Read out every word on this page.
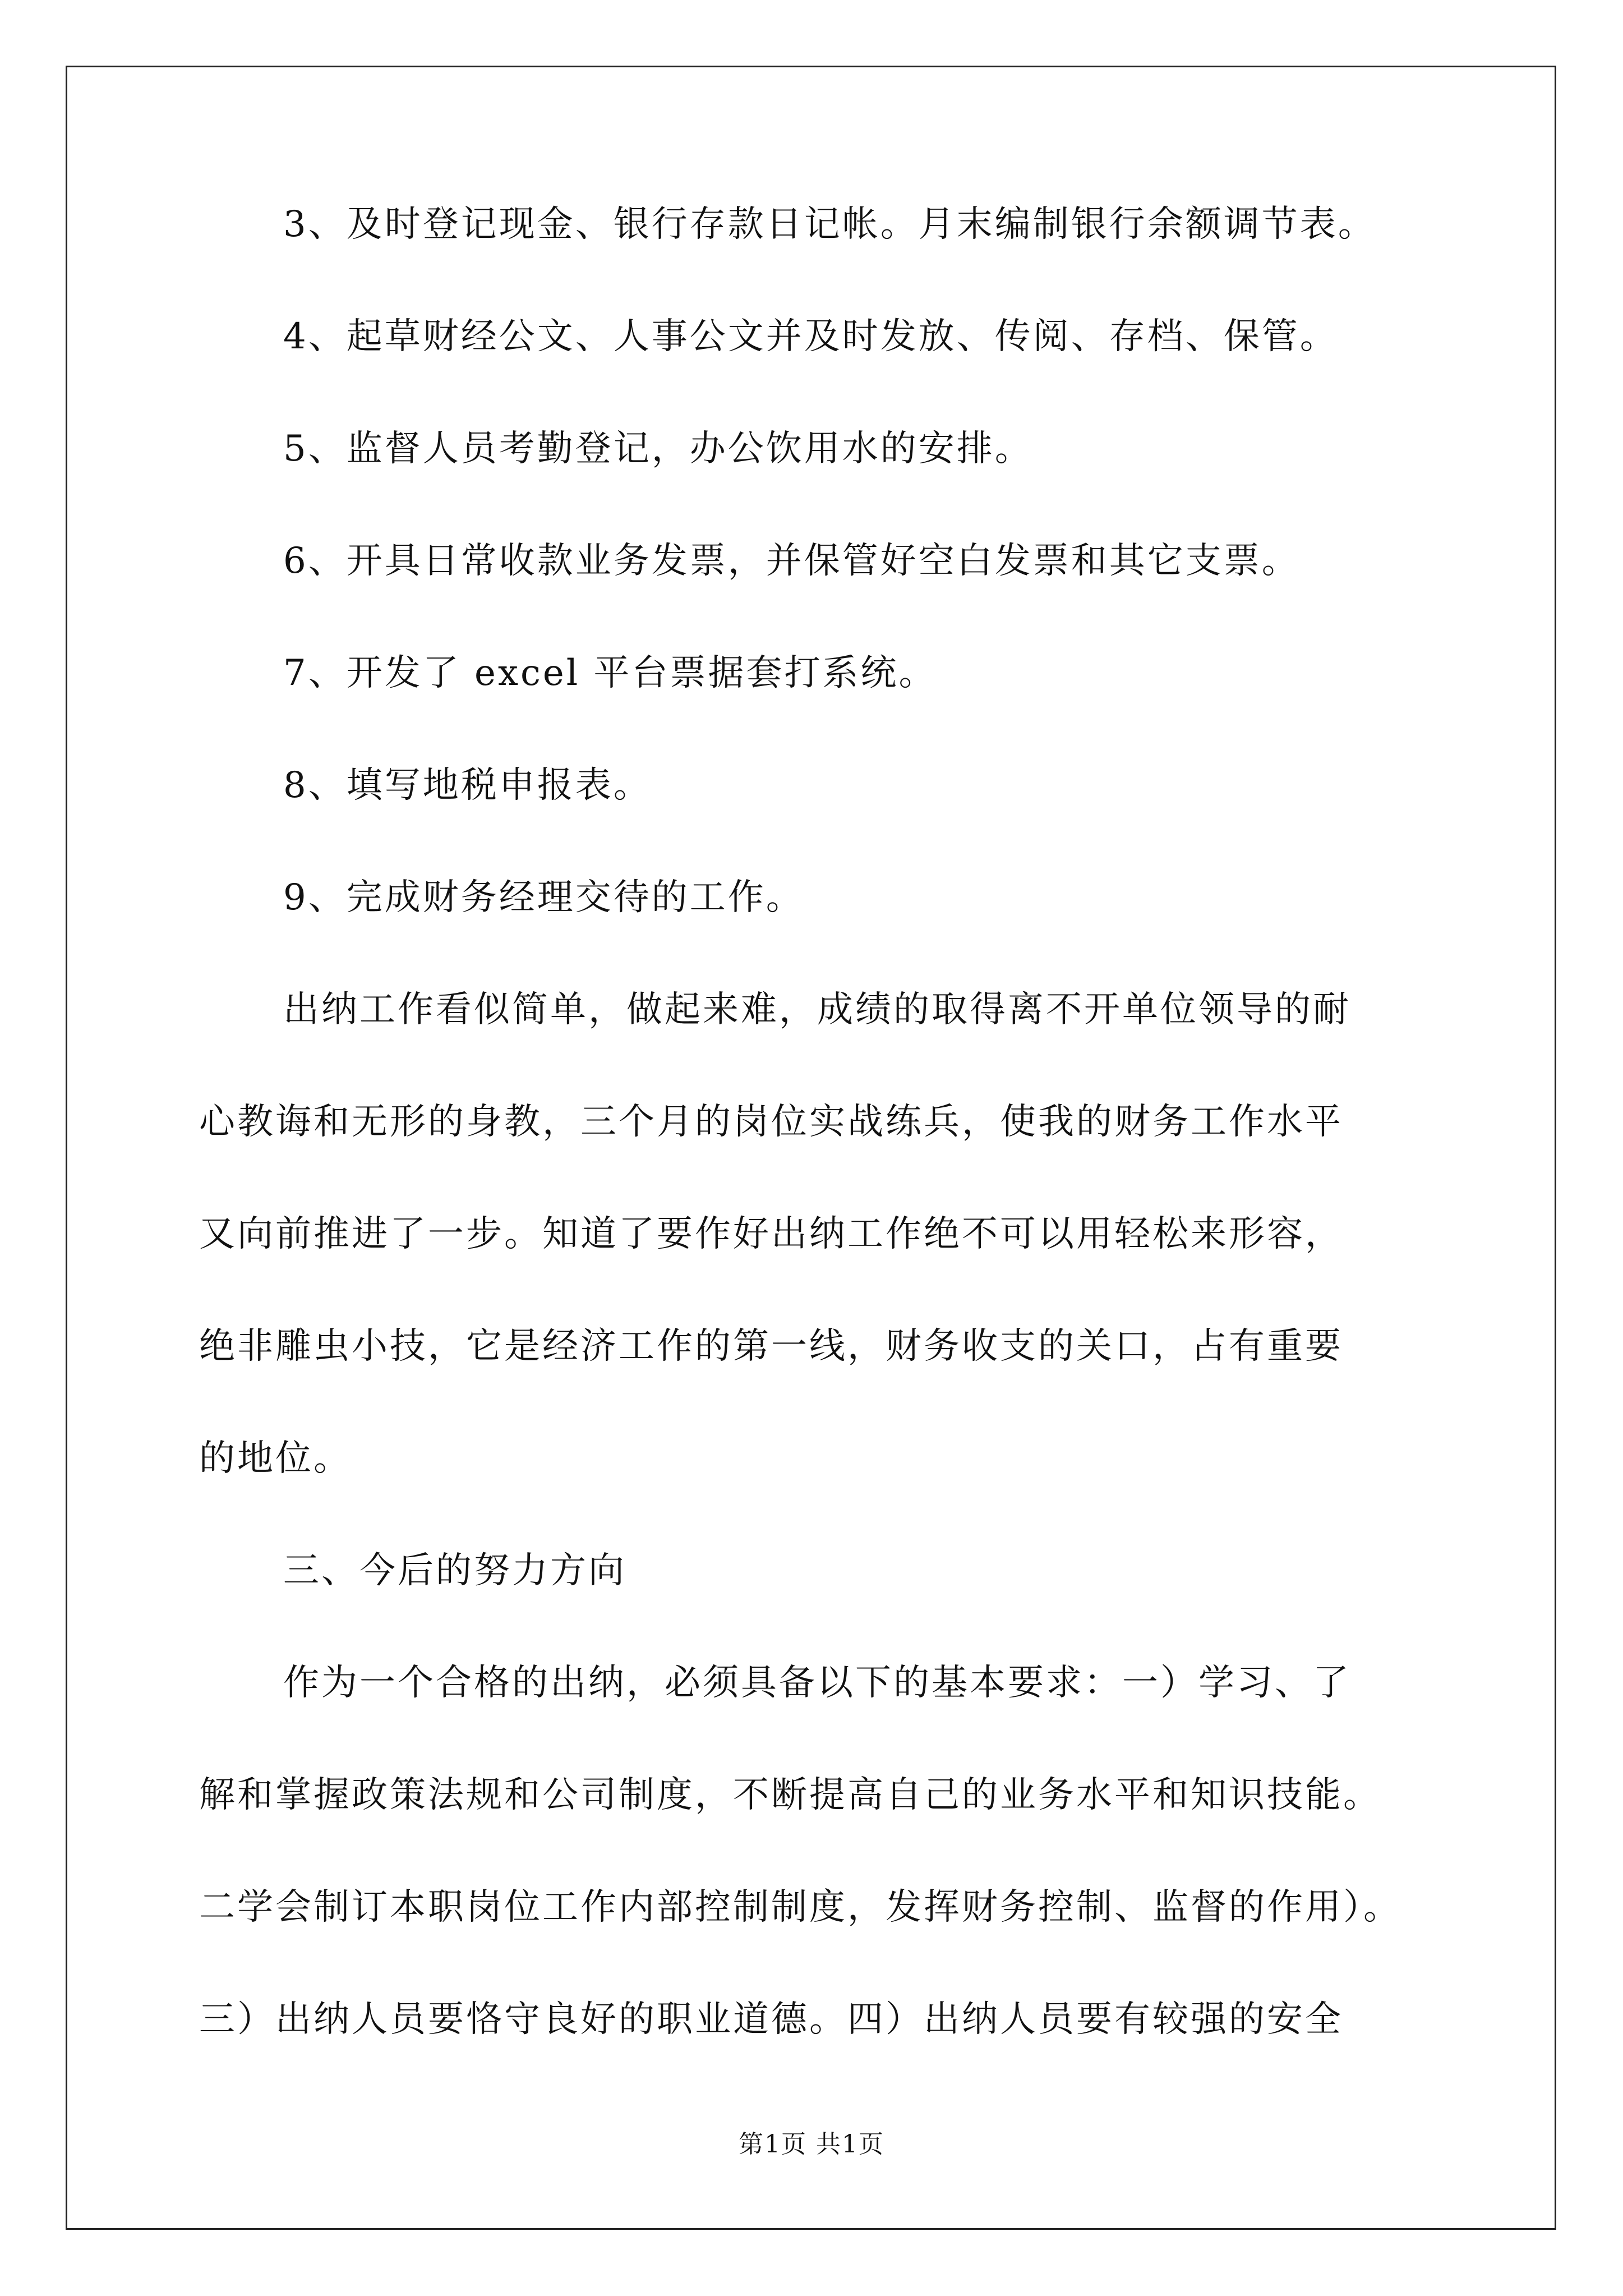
3、及时登记现金、银行存款日记帐。月末编制银行余额调节表。
4、起草财经公文、人事公文并及时发放、传阅、存档、保管。
5、监督人员考勤登记，办公饮用水的安排。
6、开具日常收款业务发票，并保管好空白发票和其它支票。
7、开发了 excel 平台票据套打系统。
8、填写地税申报表。
9、完成财务经理交待的工作。
出纳工作看似简单，做起来难，成绩的取得离不开单位领导的耐
心教诲和无形的身教，三个月的岗位实战练兵，使我的财务工作水平
又向前推进了一步。知道了要作好出纳工作绝不可以用轻松来形容，
绝非雕虫小技，它是经济工作的第一线，财务收支的关口，占有重要
的地位。
三、今后的努力方向
作为一个合格的出纳，必须具备以下的基本要求：一）学习、了
解和掌握政策法规和公司制度，不断提高自己的业务水平和知识技能。
二学会制订本职岗位工作内部控制制度，发挥财务控制、监督的作用）。
三）出纳人员要恪守良好的职业道德。四）出纳人员要有较强的安全
第1页 共1页
